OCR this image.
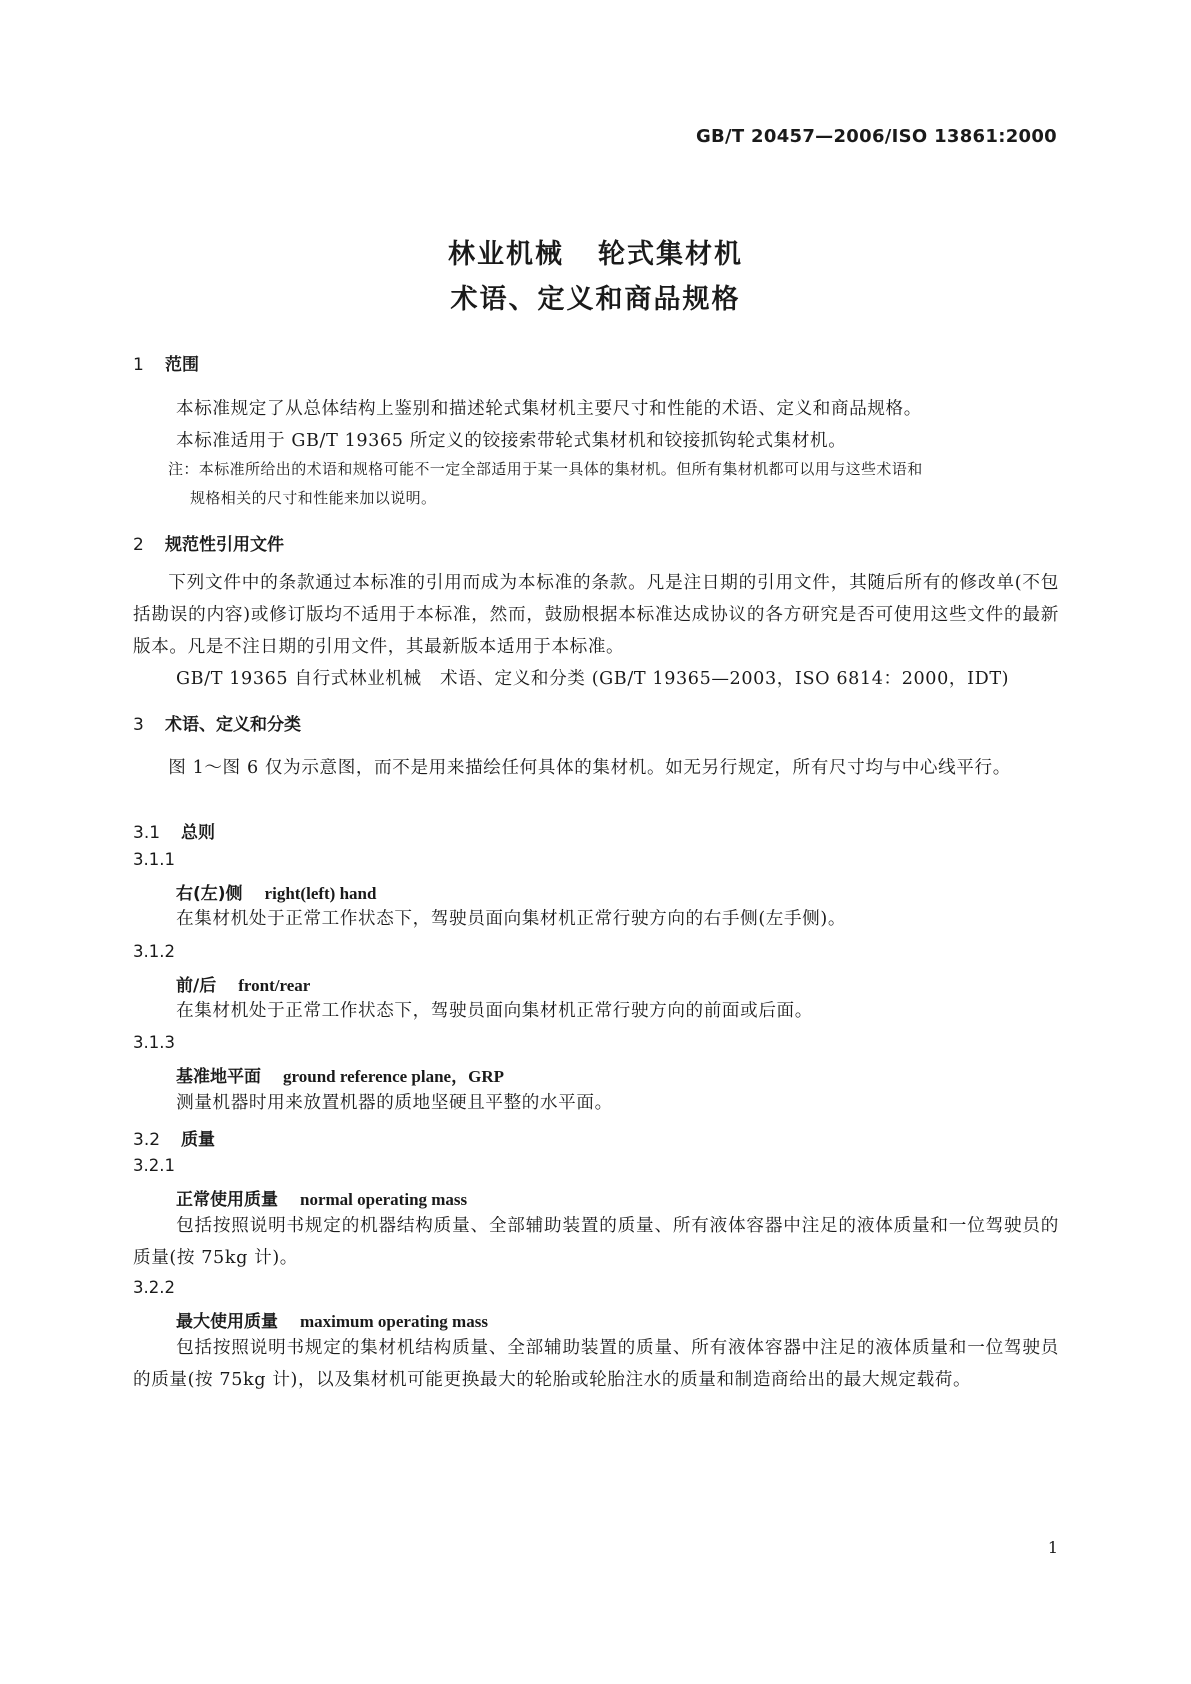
GB/T 20457—2006/ISO 13861:2000
林业机械 轮式集材机
术语、定义和商品规格
1 范围
本标准规定了从总体结构上鉴别和描述轮式集材机主要尺寸和性能的术语、定义和商品规格。
本标准适用于 GB/T 19365 所定义的铰接索带轮式集材机和铰接抓钩轮式集材机。
注：本标准所给出的术语和规格可能不一定全部适用于某一具体的集材机。但所有集材机都可以用与这些术语和
规格相关的尺寸和性能来加以说明。
2 规范性引用文件
下列文件中的条款通过本标准的引用而成为本标准的条款。凡是注日期的引用文件，其随后所有的修改单(不包括勘误的内容)或修订版均不适用于本标准，然而，鼓励根据本标准达成协议的各方研究是否可使用这些文件的最新版本。凡是不注日期的引用文件，其最新版本适用于本标准。
GB/T 19365 自行式林业机械　术语、定义和分类 (GB/T 19365—2003，ISO 6814：2000，IDT)
3 术语、定义和分类
图 1～图 6 仅为示意图，而不是用来描绘任何具体的集材机。如无另行规定，所有尺寸均与中心线平行。
3.1 总则
3.1.1
右(左)侧 right(left) hand
在集材机处于正常工作状态下，驾驶员面向集材机正常行驶方向的右手侧(左手侧)。
3.1.2
前/后 front/rear
在集材机处于正常工作状态下，驾驶员面向集材机正常行驶方向的前面或后面。
3.1.3
基准地平面 ground reference plane，GRP
测量机器时用来放置机器的质地坚硬且平整的水平面。
3.2 质量
3.2.1
正常使用质量 normal operating mass
包括按照说明书规定的机器结构质量、全部辅助装置的质量、所有液体容器中注足的液体质量和一位驾驶员的质量(按 75kg 计)。
3.2.2
最大使用质量 maximum operating mass
包括按照说明书规定的集材机结构质量、全部辅助装置的质量、所有液体容器中注足的液体质量和一位驾驶员的质量(按 75kg 计)，以及集材机可能更换最大的轮胎或轮胎注水的质量和制造商给出的最大规定载荷。
1
